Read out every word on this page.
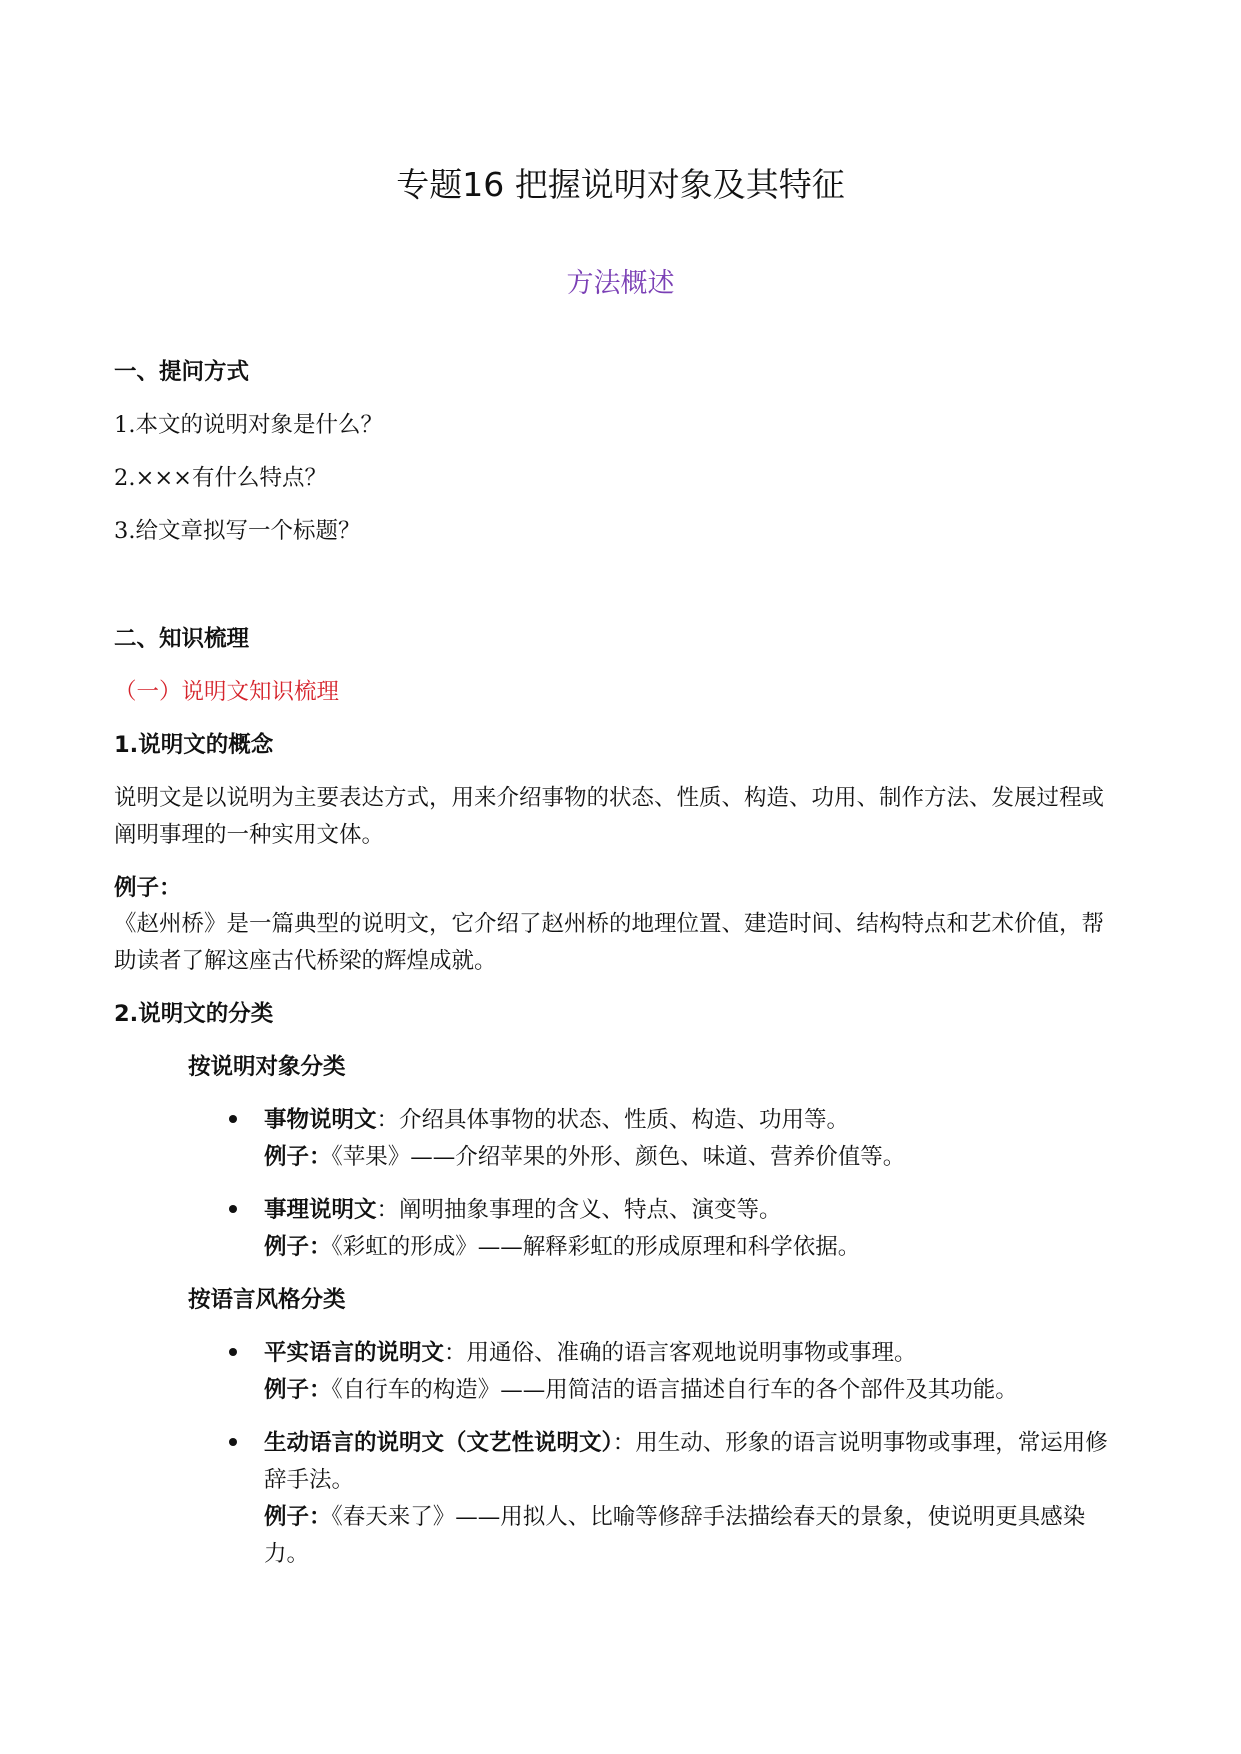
专题16 把握说明对象及其特征
方法概述
一、提问方式
1.本文的说明对象是什么？
2.×××有什么特点？
3.给文章拟写一个标题？
二、知识梳理
（一）说明文知识梳理
1.说明文的概念
说明文是以说明为主要表达方式，用来介绍事物的状态、性质、构造、功用、制作方法、发展过程或阐明事理的一种实用文体。
例子：
《赵州桥》是一篇典型的说明文，它介绍了赵州桥的地理位置、建造时间、结构特点和艺术价值，帮助读者了解这座古代桥梁的辉煌成就。
2.说明文的分类
按说明对象分类
事物说明文：介绍具体事物的状态、性质、构造、功用等。
例子：《苹果》——介绍苹果的外形、颜色、味道、营养价值等。
事理说明文：阐明抽象事理的含义、特点、演变等。
例子：《彩虹的形成》——解释彩虹的形成原理和科学依据。
按语言风格分类
平实语言的说明文：用通俗、准确的语言客观地说明事物或事理。
例子：《自行车的构造》——用简洁的语言描述自行车的各个部件及其功能。
生动语言的说明文（文艺性说明文）：用生动、形象的语言说明事物或事理，常运用修辞手法。
例子：《春天来了》——用拟人、比喻等修辞手法描绘春天的景象，使说明更具感染力。
